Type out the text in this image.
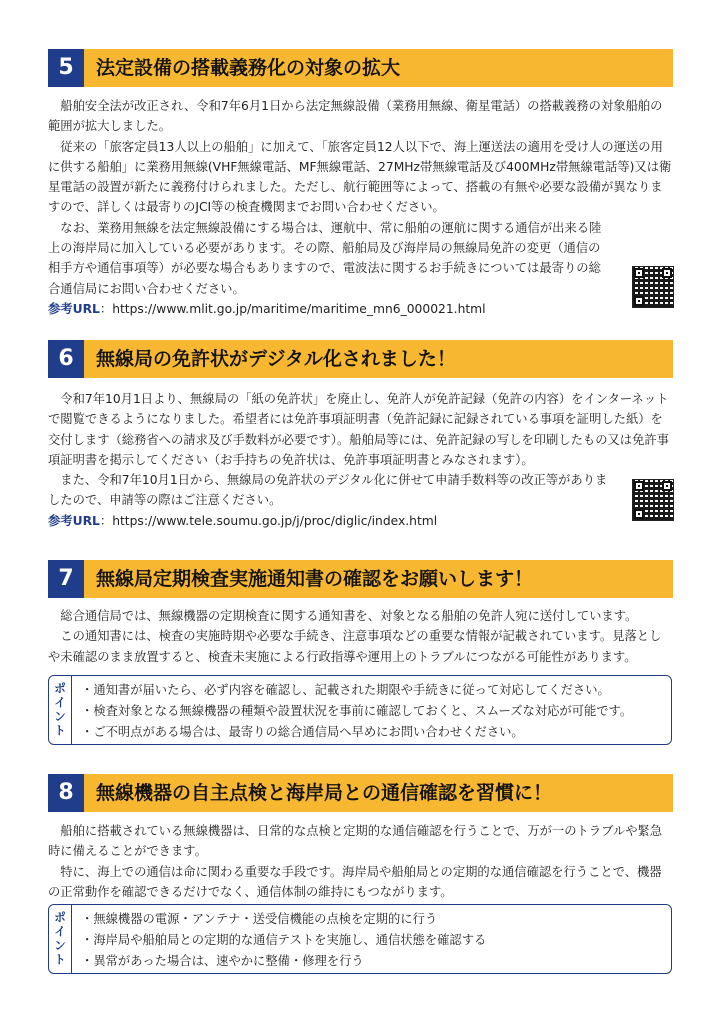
5	法定設備の搭載義務化の対象の拡大

船舶安全法が改正され、令和7年6月1日から法定無線設備（業務用無線、衛星電話）の搭載義務の対象船舶の範囲が拡大しました。

従来の「旅客定員13人以上の船舶」に加えて、「旅客定員12人以下で、海上運送法の適用を受け人の運送の用に供する船舶」に業務用無線(VHF無線電話、MF無線電話、27MHz帯無線電話及び400MHz帯無線電話等)又は衛星電話の設置が新たに義務付けられました。ただし、航行範囲等によって、搭載の有無や必要な設備が異なりますので、詳しくは最寄りのJCI等の検査機関までお問い合わせください。

なお、業務用無線を法定無線設備にする場合は、運航中、常に船舶の運航に関する通信が出来る陸上の海岸局に加入している必要があります。その際、船舶局及び海岸局の無線局免許の変更（通信の相手方や通信事項等）が必要な場合もありますので、電波法に関するお手続きについては最寄りの総合通信局にお問い合わせください。

参考URL：https://www.mlit.go.jp/maritime/maritime_mn6_000021.html
6	無線局の免許状がデジタル化されました！

令和7年10月1日より、無線局の「紙の免許状」を廃止し、免許人が免許記録（免許の内容）をインターネットで閲覧できるようになりました。希望者には免許事項証明書（免許記録に記録されている事項を証明した紙）を交付します（総務省への請求及び手数料が必要です）。船舶局等には、免許記録の写しを印刷したもの又は免許事項証明書を掲示してください（お手持ちの免許状は、免許事項証明書とみなされます）。

また、令和7年10月1日から、無線局の免許状のデジタル化に併せて申請手数料等の改正等がありましたので、申請等の際はご注意ください。

参考URL：https://www.tele.soumu.go.jp/j/proc/diglic/index.html
7	無線局定期検査実施通知書の確認をお願いします！

総合通信局では、無線機器の定期検査に関する通知書を、対象となる船舶の免許人宛に送付しています。

この通知書には、検査の実施時期や必要な手続き、注意事項などの重要な情報が記載されています。見落としや未確認のまま放置すると、検査未実施による行政指導や運用上のトラブルにつながる可能性があります。

ポイント	・ 通知書が届いたら、必ず内容を確認し、記載された期限や手続きに従って対応してください。
・ 検査対象となる無線機器の種類や設置状況を事前に確認しておくと、スムーズな対応が可能です。
・ ご不明点がある場合は、最寄りの総合通信局へ早めにお問い合わせください。
8	無線機器の自主点検と海岸局との通信確認を習慣に！

船舶に搭載されている無線機器は、日常的な点検と定期的な通信確認を行うことで、万が一のトラブルや緊急時に備えることができます。

特に、海上での通信は命に関わる重要な手段です。海岸局や船舶局との定期的な通信確認を行うことで、機器の正常動作を確認できるだけでなく、通信体制の維持にもつながります。

ポイント	・ 無線機器の電源・アンテナ・送受信機能の点検を定期的に行う
・ 海岸局や船舶局との定期的な通信テストを実施し、通信状態を確認する
・ 異常があった場合は、速やかに整備・修理を行う
